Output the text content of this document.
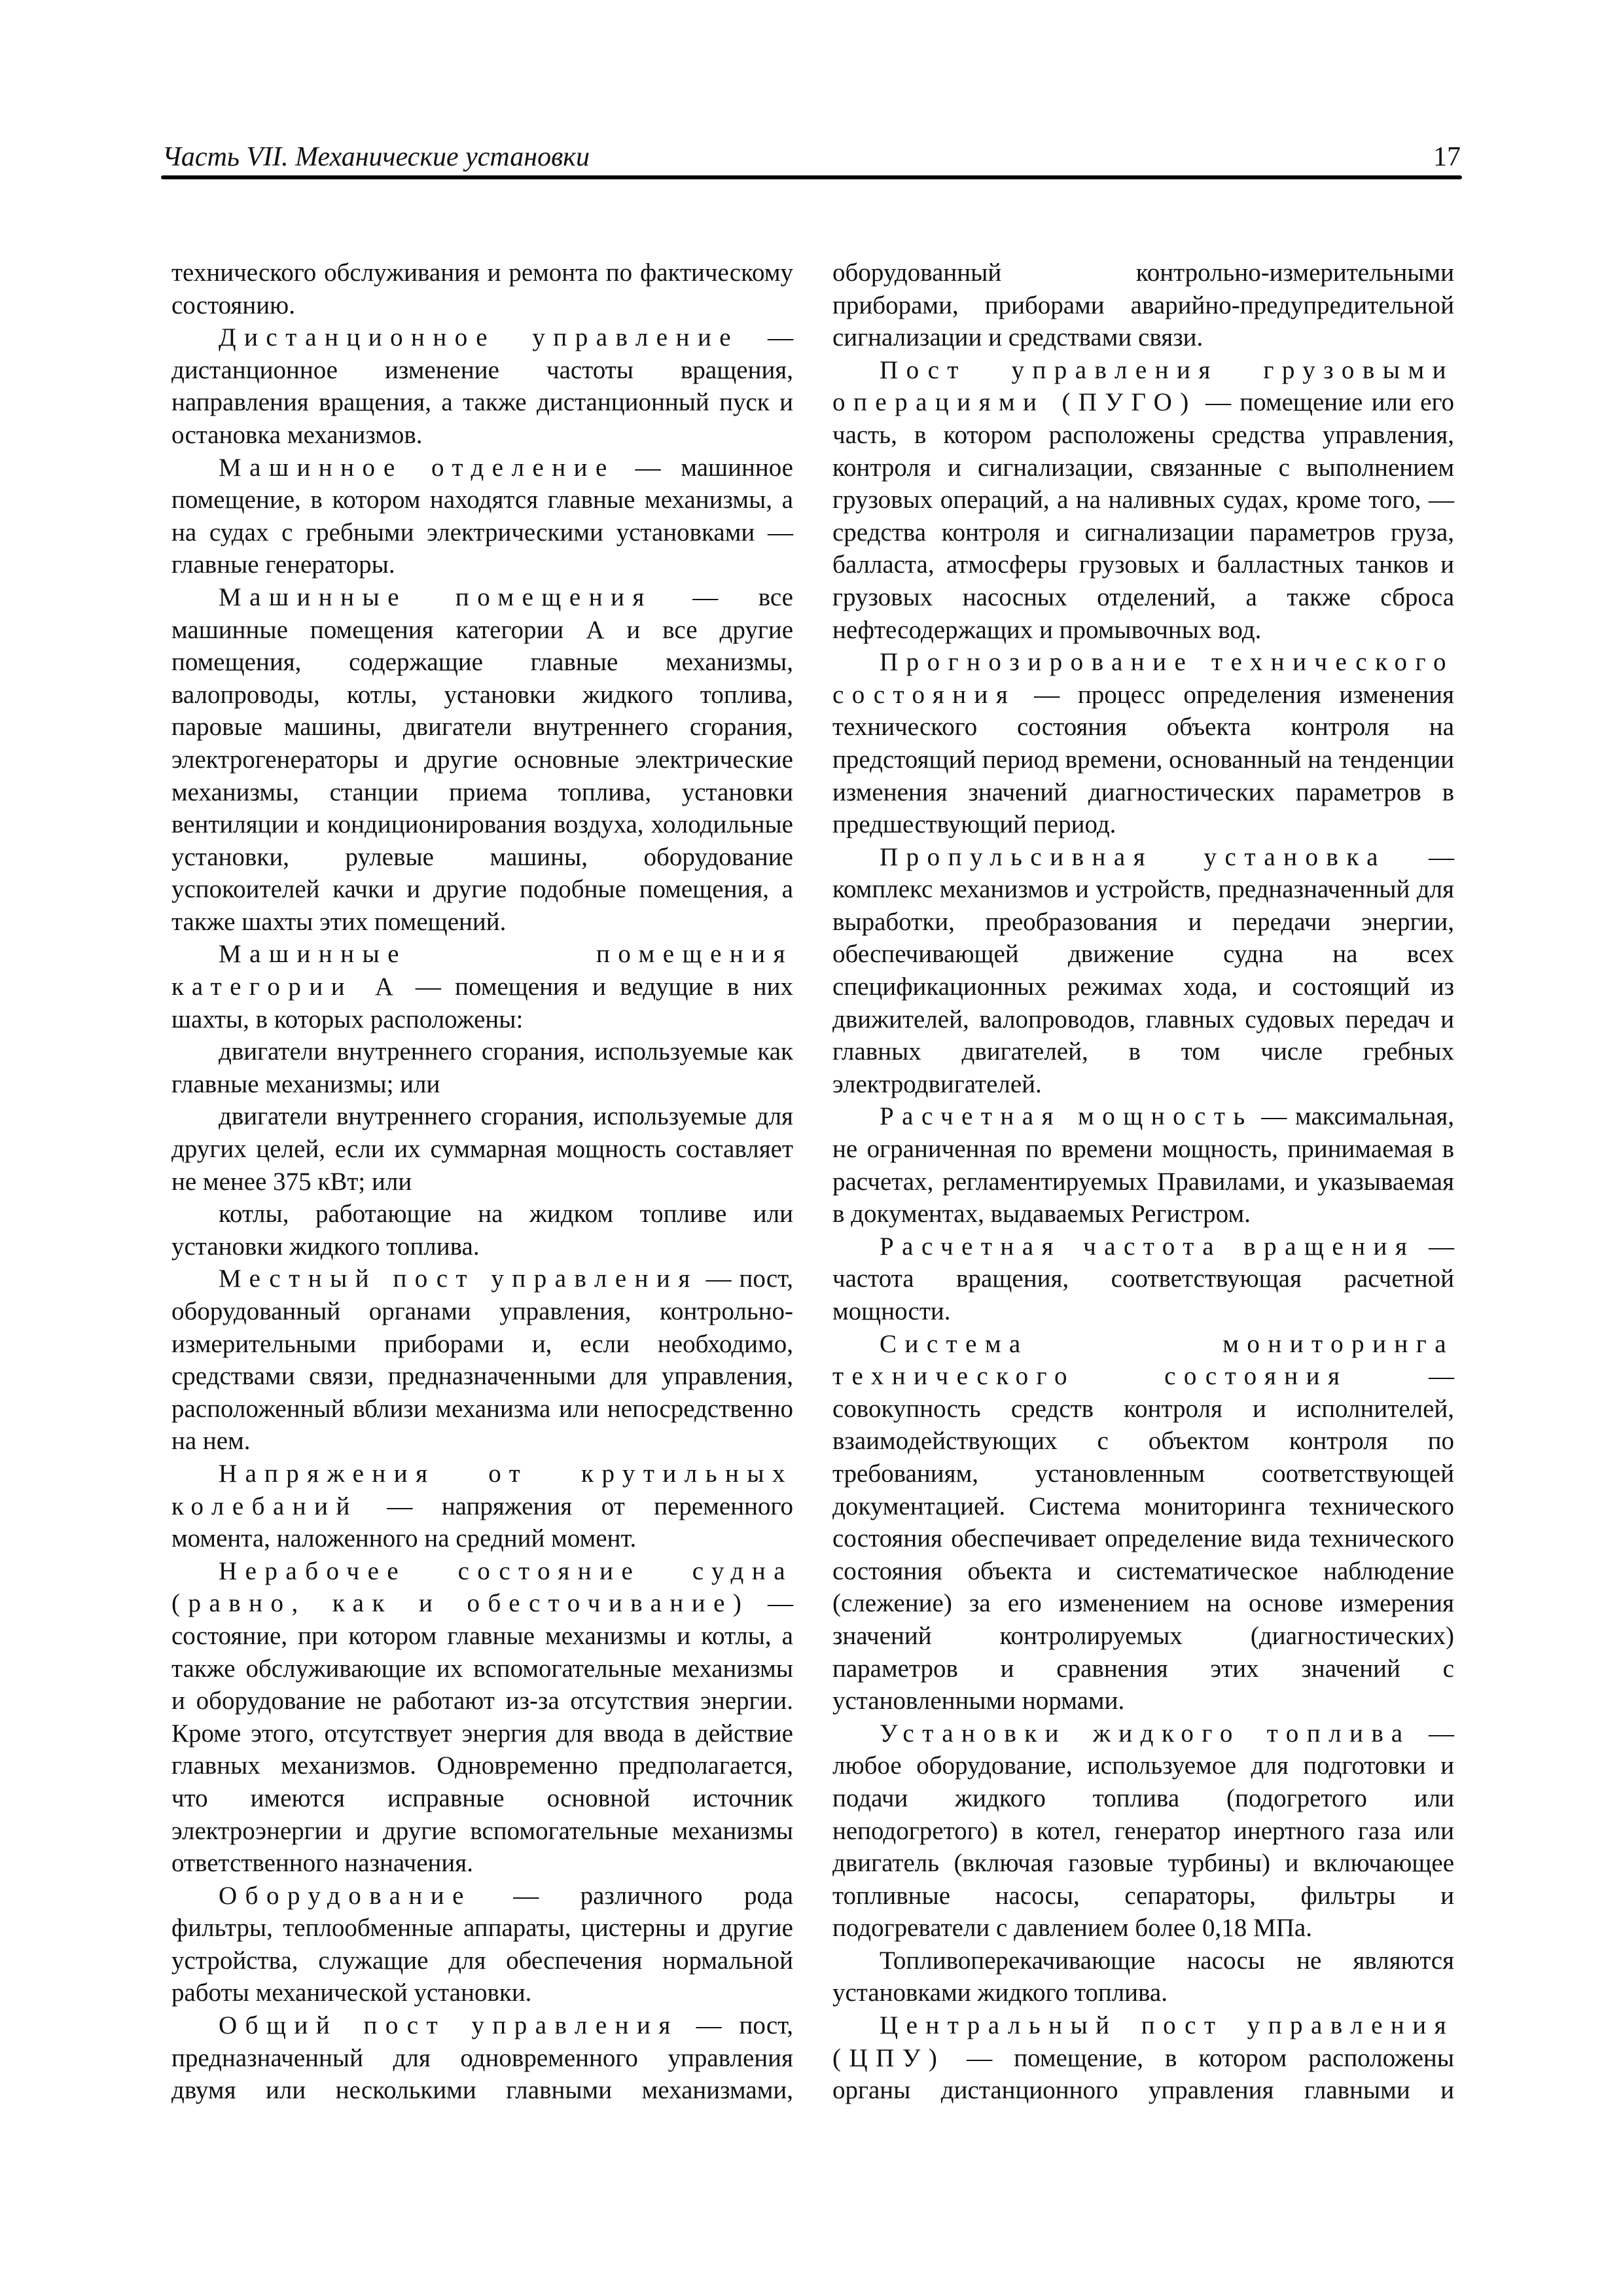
Часть VII. Механические установки	17

технического обслуживания и ремонта по фактическому состоянию.

Дистанционное управление — дистанционное изменение частоты вращения, направления вращения, а также дистанционный пуск и остановка механизмов.

Машинное отделение — машинное помещение, в котором находятся главные механизмы, а на судах с гребными электрическими установками — главные генераторы.

Машинные помещения — все машинные помещения категории А и все другие помещения, содержащие главные механизмы, валопроводы, котлы, установки жидкого топлива, паровые машины, двигатели внутреннего сгорания, электрогенераторы и другие основные электрические механизмы, станции приема топлива, установки вентиляции и кондиционирования воздуха, холодильные установки, рулевые машины, оборудование успокоителей качки и другие подобные помещения, а также шахты этих помещений.

Машинные помещения категории А — помещения и ведущие в них шахты, в которых расположены:

двигатели внутреннего сгорания, используемые как главные механизмы; или

двигатели внутреннего сгорания, используемые для других целей, если их суммарная мощность составляет не менее 375 кВт; или

котлы, работающие на жидком топливе или установки жидкого топлива.

Местный пост управления — пост, оборудованный органами управления, контрольно-измерительными приборами и, если необходимо, средствами связи, предназначенными для управления, расположенный вблизи механизма или непосредственно на нем.

Напряжения от крутильных колебаний — напряжения от переменного момента, наложенного на средний момент.

Нерабочее состояние судна (равно, как и обесточивание) — состояние, при котором главные механизмы и котлы, а также обслуживающие их вспомогательные механизмы и оборудование не работают из-за отсутствия энергии. Кроме этого, отсутствует энергия для ввода в действие главных механизмов. Одновременно предполагается, что имеются исправные основной источник электроэнергии и другие вспомогательные механизмы ответственного назначения.

Оборудование — различного рода фильтры, теплообменные аппараты, цистерны и другие устройства, служащие для обеспечения нормальной работы механической установки.

Общий пост управления — пост, предназначенный для одновременного управления двумя или несколькими главными механизмами,

оборудованный контрольно-измерительными приборами, приборами аварийно-предупредительной сигнализации и средствами связи.

Пост управления грузовыми операциями (ПУГО) — помещение или его часть, в котором расположены средства управления, контроля и сигнализации, связанные с выполнением грузовых операций, а на наливных судах, кроме того, — средства контроля и сигнализации параметров груза, балласта, атмосферы грузовых и балластных танков и грузовых насосных отделений, а также сброса нефтесодержащих и промывочных вод.

Прогнозирование технического состояния — процесс определения изменения технического состояния объекта контроля на предстоящий период времени, основанный на тенденции изменения значений диагностических параметров в предшествующий период.

Пропульсивная установка — комплекс механизмов и устройств, предназначенный для выработки, преобразования и передачи энергии, обеспечивающей движение судна на всех спецификационных режимах хода, и состоящий из движителей, валопроводов, главных судовых передач и главных двигателей, в том числе гребных электродвигателей.

Расчетная мощность — максимальная, не ограниченная по времени мощность, принимаемая в расчетах, регламентируемых Правилами, и указываемая в документах, выдаваемых Регистром.

Расчетная частота вращения — частота вращения, соответствующая расчетной мощности.

Система мониторинга технического состояния — совокупность средств контроля и исполнителей, взаимодействующих с объектом контроля по требованиям, установленным соответствующей документацией. Система мониторинга технического состояния обеспечивает определение вида технического состояния объекта и систематическое наблюдение (слежение) за его изменением на основе измерения значений контролируемых (диагностических) параметров и сравнения этих значений с установленными нормами.

Установки жидкого топлива — любое оборудование, используемое для подготовки и подачи жидкого топлива (подогретого или неподогретого) в котел, генератор инертного газа или двигатель (включая газовые турбины) и включающее топливные насосы, сепараторы, фильтры и подогреватели с давлением более 0,18 МПа.

Топливоперекачивающие насосы не являются установками жидкого топлива.

Центральный пост управления (ЦПУ) — помещение, в котором расположены органы дистанционного управления главными и
